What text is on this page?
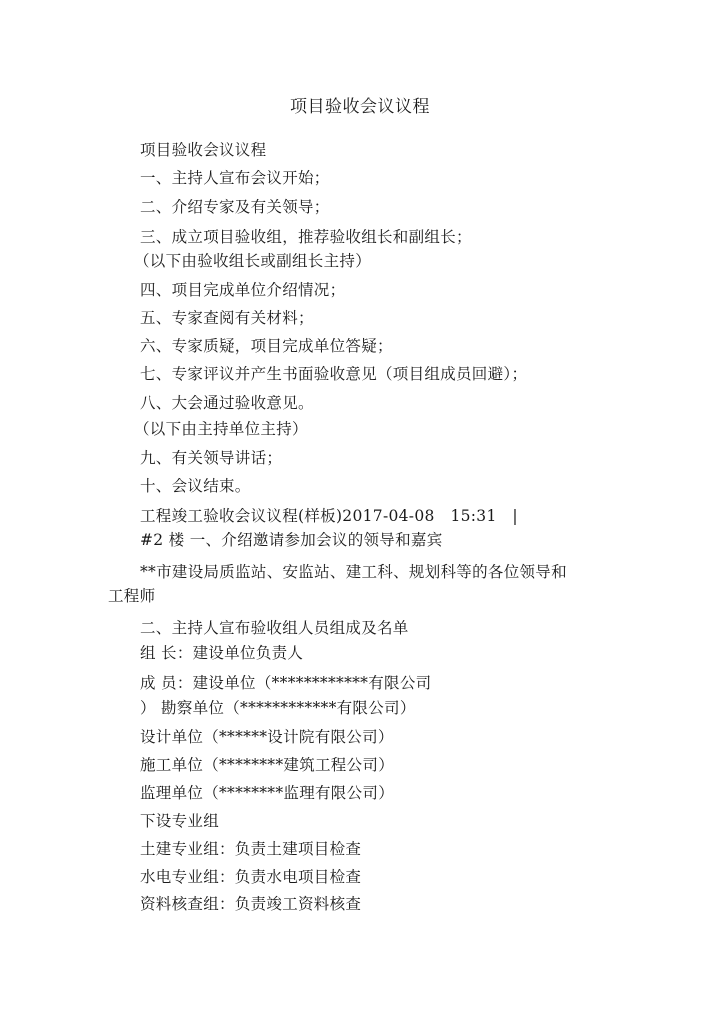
项目验收会议议程
项目验收会议议程
一、主持人宣布会议开始；
二、介绍专家及有关领导；
三、成立项目验收组，推荐验收组长和副组长；
（以下由验收组长或副组长主持）
四、项目完成单位介绍情况；
五、专家查阅有关材料；
六、专家质疑，项目完成单位答疑；
七、专家评议并产生书面验收意见（项目组成员回避）；
八、大会通过验收意见。
（以下由主持单位主持）
九、有关领导讲话；
十、会议结束。
工程竣工验收会议议程(样板)2017-04-08　15:31　|
#2 楼 一、介绍邀请参加会议的领导和嘉宾
**市建设局质监站、安监站、建工科、规划科等的各位领导和工程师
二、主持人宣布验收组人员组成及名单
组 长：建设单位负责人
成 员：建设单位（************有限公司
） 勘察单位（************有限公司）
设计单位（******设计院有限公司）
施工单位（********建筑工程公司）
监理单位（********监理有限公司）
下设专业组
土建专业组：负责土建项目检查
水电专业组：负责水电项目检查
资料核查组：负责竣工资料核查
